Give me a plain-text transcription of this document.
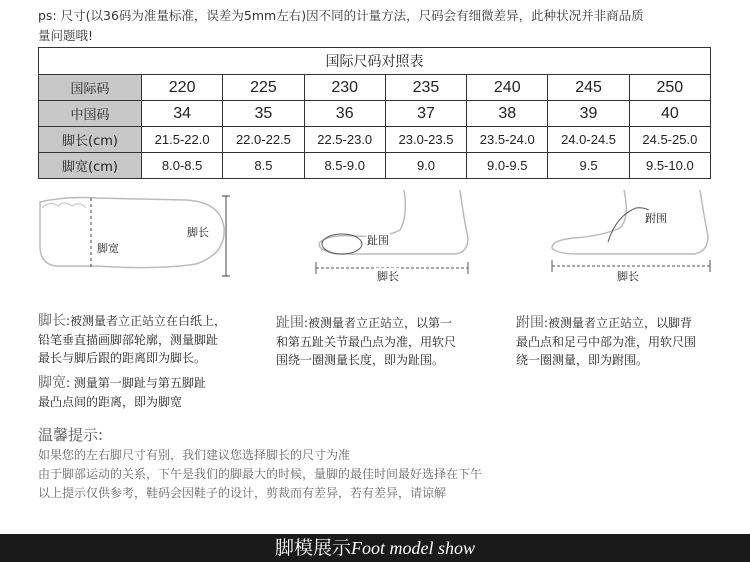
ps: 尺寸(以36码为准量标准，误差为5mm左右)因不同的计量方法，尺码会有细微差异，此种状况并非商品质
量问题哦!
国际尺码对照表							
国际码	220	225	230	235	240	245	250
中国码	34	35	36	37	38	39	40
脚长(cm)	21.5-22.0	22.0-22.5	22.5-23.0	23.0-23.5	23.5-24.0	24.0-24.5	24.5-25.0
脚宽(cm)	8.0-8.5	8.5	8.5-9.0	9.0	9.0-9.5	9.5	9.5-10.0
脚宽
脚长
趾围
脚长
跗围
脚长
脚长:被测量者立正站立在白纸上，
铅笔垂直描画脚部轮廓，测量脚趾
最长与脚后跟的距离即为脚长。
脚宽: 测量第一脚趾与第五脚趾
最凸点间的距离，即为脚宽
趾围:被测量者立正站立，以第一
和第五趾关节最凸点为准，用软尺
围绕一圈测量长度，即为趾围。
跗围:被测量者立正站立，以脚背
最凸点和足弓中部为准，用软尺围
绕一圈测量，即为跗围。
温馨提示:
如果您的左右脚尺寸有别，我们建议您选择脚长的尺寸为准
由于脚部运动的关系，下午是我们的脚最大的时候，量脚的最佳时间最好选择在下午
以上提示仅供参考，鞋码会因鞋子的设计，剪裁而有差异，若有差异，请谅解
脚模展示Foot model show
